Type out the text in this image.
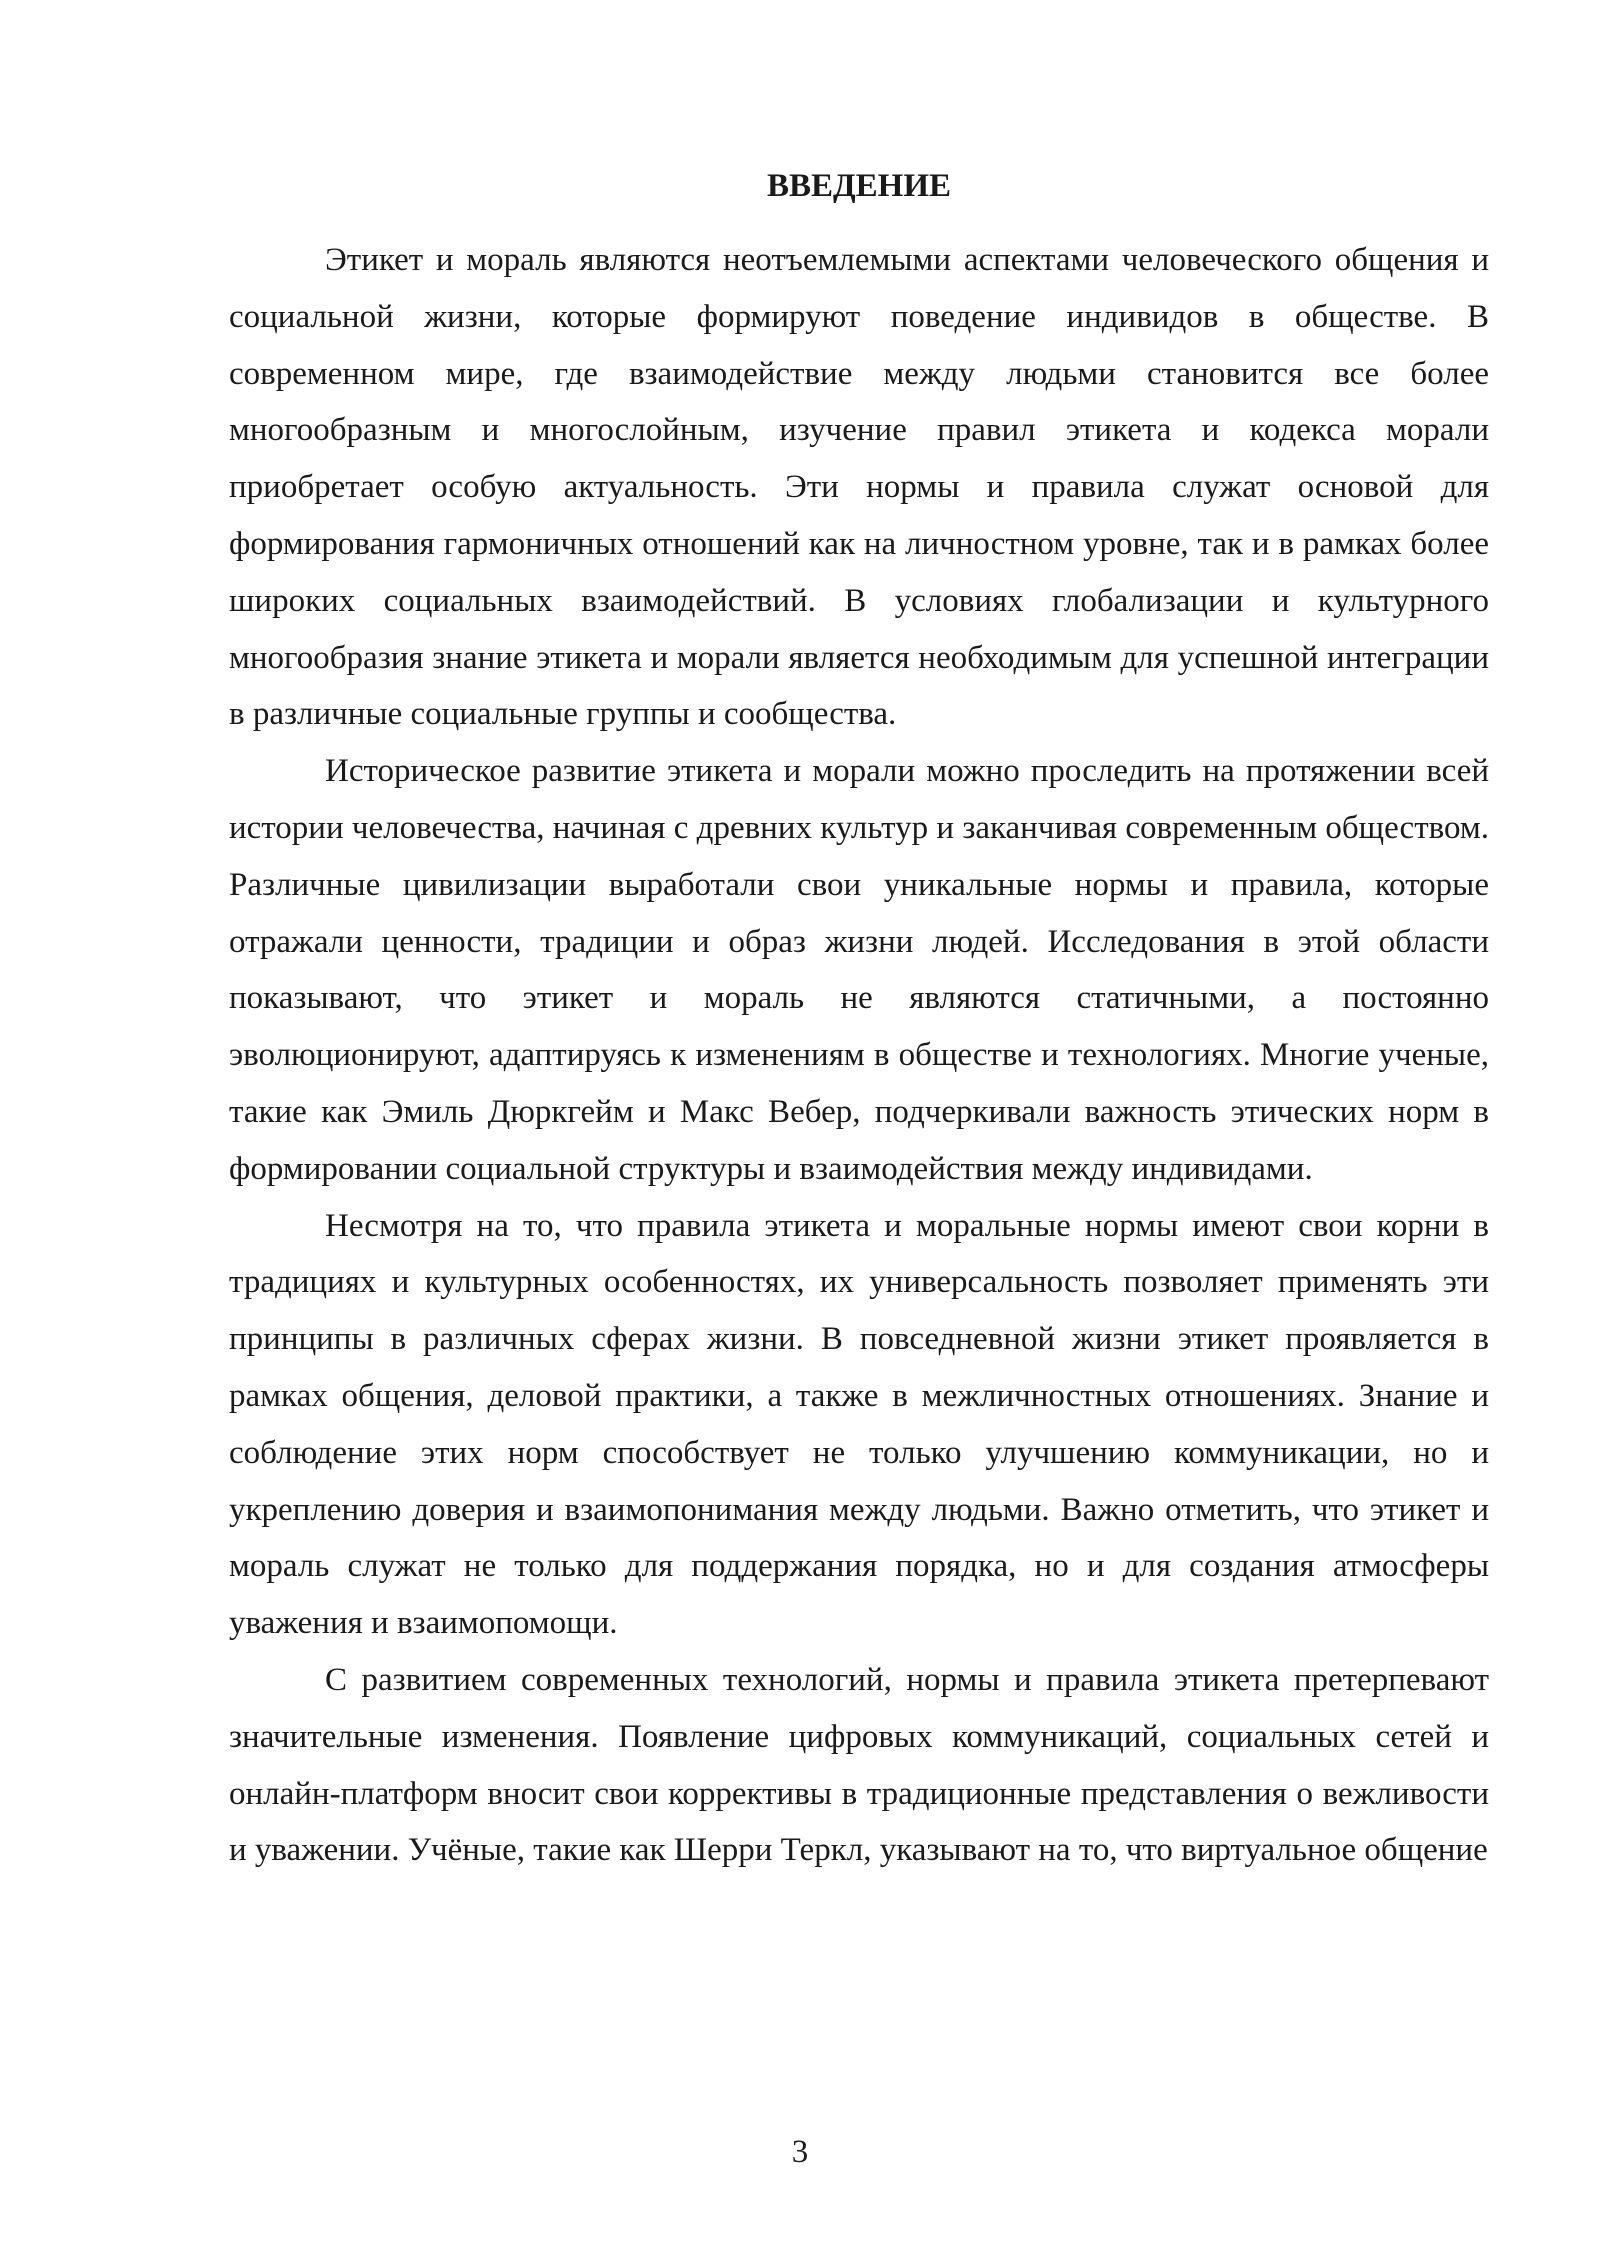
ВВЕДЕНИЕ

Этикет и мораль являются неотъемлемыми аспектами человеческого общения и социальной жизни, которые формируют поведение индивидов в обществе. В современном мире, где взаимодействие между людьми становится все более многообразным и многослойным, изучение правил этикета и кодекса морали приобретает особую актуальность. Эти нормы и правила служат основой для формирования гармоничных отношений как на личностном уровне, так и в рамках более широких социальных взаимодействий. В условиях глобализации и культурного многообразия знание этикета и морали является необходимым для успешной интеграции в различные социальные группы и сообщества.

Историческое развитие этикета и морали можно проследить на протяжении всей истории человечества, начиная с древних культур и заканчивая современным обществом. Различные цивилизации выработали свои уникальные нормы и правила, которые отражали ценности, традиции и образ жизни людей. Исследования в этой области показывают, что этикет и мораль не являются статичными, а постоянно эволюционируют, адаптируясь к изменениям в обществе и технологиях. Многие ученые, такие как Эмиль Дюркгейм и Макс Вебер, подчеркивали важность этических норм в формировании социальной структуры и взаимодействия между индивидами.

Несмотря на то, что правила этикета и моральные нормы имеют свои корни в традициях и культурных особенностях, их универсальность позволяет применять эти принципы в различных сферах жизни. В повседневной жизни этикет проявляется в рамках общения, деловой практики, а также в межличностных отношениях. Знание и соблюдение этих норм способствует не только улучшению коммуникации, но и укреплению доверия и взаимопонимания между людьми. Важно отметить, что этикет и мораль служат не только для поддержания порядка, но и для создания атмосферы уважения и взаимопомощи.

С развитием современных технологий, нормы и правила этикета претерпевают значительные изменения. Появление цифровых коммуникаций, социальных сетей и онлайн-платформ вносит свои коррективы в традиционные представления о вежливости и уважении. Учёные, такие как Шерри Теркл, указывают на то, что виртуальное общение

3
